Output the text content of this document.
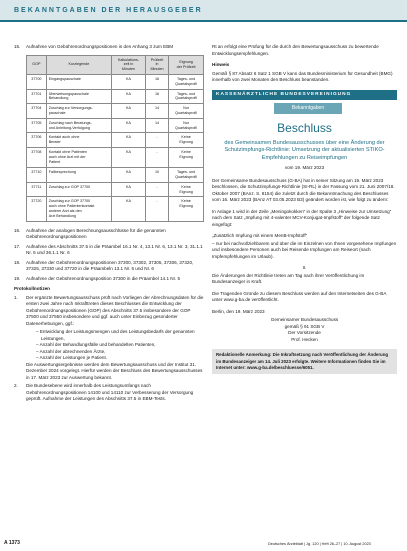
BEKANNTGABEN DER HERAUSGEBER
15.	Aufnahme von Gebührenordnungspositionen in den Anhang 3 zum EBM
GOP	Kurzlegende	Kalkulations-
zeit in
Minuten	Prüfzeit
in
Minuten	Eignung
der Prüfzeit
37700	Eingangspauschale	KA	16	Tages- und
Quartalsprofil
37701	Überweisungspauschale
Behandlung	KA	16	Tages- und
Quartalsprofil
37704	Zuschlag zur Versorgungs-
pauschale	KA	14	Nur
Quartalsprofil
37705	Zuschlag nach Beratungs-
und Anleitung-Verfolgung	KA	14	Nur
Quartalsprofil
37706	Kontakt auch ohne
Berater	KA	-	Keine
Eignung
37708	Kontakt ohne Patienten
auch ohne Arzt mit der
Patient	KA	-	Keine
Eignung
37710	Fallbesprechung	KA	10	Tages- und
Quartalsprofil
37711	Zuschlag zur GOP 37700	KA	-	Keine
Eignung
37720	Zuschlag zur GOP 37700
auch ohne Patientenkontakt
anderer Arzt als den
Arzt Behandlung	KA	-	Keine
Eignung
16.	Aufnahme der analogen Berechnungsausschlüsse für die genannten Gebührenordnungspositionen
17.	Aufnahme des Abschnitts 37.5 in die Präambel 16.1 Nr. 4, 13.1 Nr. 6, 13.1 Nr. 3, 31.1.1 Nr. 6 und 36.1.1 Nr. 6
18.	Aufnahme der Gebührenordnungspositionen 37300, 37302, 37305, 37306, 37320, 37325, 37330 und 37720 in die Präambeln 13.1 Nr. 5 und Nr. 6
19.	Aufnahme der Gebührenordnungsposition 37300 in die Präambel 14.1 Nr. 5
Protokollnotizen
1.	Der ergänzte Bewertungsausschuss prüft nach Vorliegen der Abrechnungsdaten für die ersten zwei Jahre nach Inkrafttreten dieses Beschlusses die Entwicklung der Gebührenordnungspositionen (GOP) des Abschnitts 37.5 insbesondere der GOP 37500 und 37550 insbesondere und ggf. auch unter Einbezug gesonderter Datenerhebungen, ggf.:
– Entwicklung der Leistungsmengen und des Leistungsbedarfs der genannten Leistungen,
– Anzahl der Behandlungsfälle und behandelten Patienten,
– Anzahl der abrechnenden Ärzte,
– Anzahl der Leistungen je Patient.
Die Auswertungsergebnisse werden dem Bewertungsausschuss und der Institut 31. Dezember 2024 vorgelegt. Hierfür werden der Beschluss des Bewertungsausschusses in 17. März 2023 zur Auswertung bekannt.
2.	Die Bundesebene wird innerhalb des Leistungsumfangs nach Gebührenordnungspositionen 14100 und 14110 zur Verbesserung der Versorgung geprüft. Aufnahme der Leistungen des Abschnitts 37.5 in EBM-Tests.
Rt an erfolgt eine Prüfung für die durch den Bewertungsausschuss zu bewertende Entwicklungsempfehlungen.
Hinweis
Gemäß § 87 Absatz 6 Satz 1 SGB V kann das Bundesministerium für Gesundheit (BMG) innerhalb von zwei Monaten den Beschluss beanstanden.
KASSENÄRZTLICHE BUNDESVEREINIGUNG
Bekanntgaben
Beschluss
des Gemeinsamen Bundesausschusses über eine Änderung der Schutzimpfungs-Richtlinie: Umsetzung der aktualisierten STIKO-Empfehlungen zu Reiseimpfungen
vom 19. März 2023
Der Gemeinsame Bundesausschuss (G-BA) hat in seiner Sitzung am 19. März 2023 beschlossen, die Schutzimpfungs-Richtlinie (SI-RL) in der Fassung vom 21. Juni 2007/18. Oktober 2007 (BAnz. S. 8154) die zuletzt durch die Bekanntmachung des Beschlusses vom 16. März 2023 (BAnz AT 03.05.2023 B3) geändert worden ist, wie folgt zu ändern:
In Anlage 1 wird in der Zeile „Meningokokken“ in der Spalte 3 „Hinweise zur Umsetzung“ nach dem Satz „Impfung mit 4-valenter MCV-Konjugat-Impfstoff“ der folgende Satz eingefügt:
„Zusätzlich Impfung mit einem MenB-Impfstoff“
– nur bei nachvollziehbarem und über die im Einzelnen von Ihnen vorgesehene Impfungen und insbesondere Personen auch bei Reisende Impfungen am Reiseort (nach Impfempfehlungen im Urlaub).
II.
Die Änderungen der Richtlinie treten am Tag nach ihrer Veröffentlichung im Bundesanzeiger in Kraft.
Die Tragenden Gründe zu diesem Beschluss werden auf den Internetseiten des G-BA unter www.g-ba.de veröffentlicht.
Berlin, den 19. März 2023
Gemeinsamer Bundesausschuss
gemäß § 91 SGB V
Der Vorsitzende
Prof. Hecken
Redaktionelle Anmerkung: Die Inkraftsetzung nach Veröffentlichung der Änderung im Bundesanzeiger am 14. Juli 2023 erfolgte. Weitere Informationen finden Sie im Internet unter: www.g-ba.de/beschluesse/6051.
A 1373	Deutsches Ärzteblatt | Jg. 120 | Heft 26–27 | 10. August 2023
